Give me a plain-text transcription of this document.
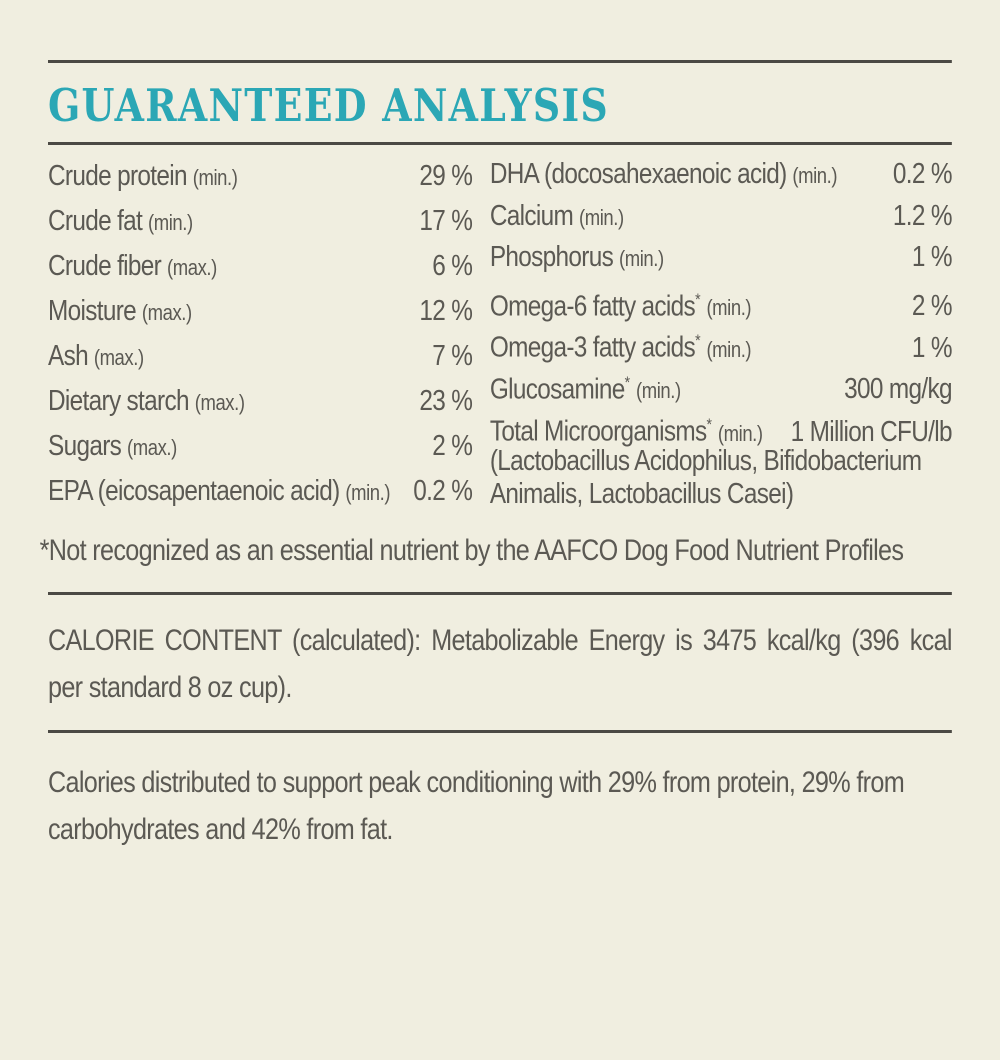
GUARANTEED ANALYSIS
Crude protein (min.)	29 %
Crude fat (min.)	17 %
Crude fiber (max.)	6 %
Moisture (max.)	12 %
Ash (max.)	7 %
Dietary starch (max.)	23 %
Sugars (max.)	2 %
EPA (eicosapentaenoic acid) (min.) 0.2 %
DHA (docosahexaenoic acid) (min.) 0.2 %
Calcium (min.)	1.2 %
Phosphorus (min.)	1 %
Omega-6 fatty acids* (min.)	2 %
Omega-3 fatty acids* (min.)	1 %
Glucosamine* (min.)	300 mg/kg
Total Microorganisms* (min.) 1 Million CFU/lb
(Lactobacillus Acidophilus, Bifidobacterium Animalis, Lactobacillus Casei)

*Not recognized as an essential nutrient by the AAFCO Dog Food Nutrient Profiles

CALORIE CONTENT (calculated): Metabolizable Energy is 3475 kcal/kg (396 kcal per standard 8 oz cup).

Calories distributed to support peak conditioning with 29% from protein, 29% from carbohydrates and 42% from fat.
